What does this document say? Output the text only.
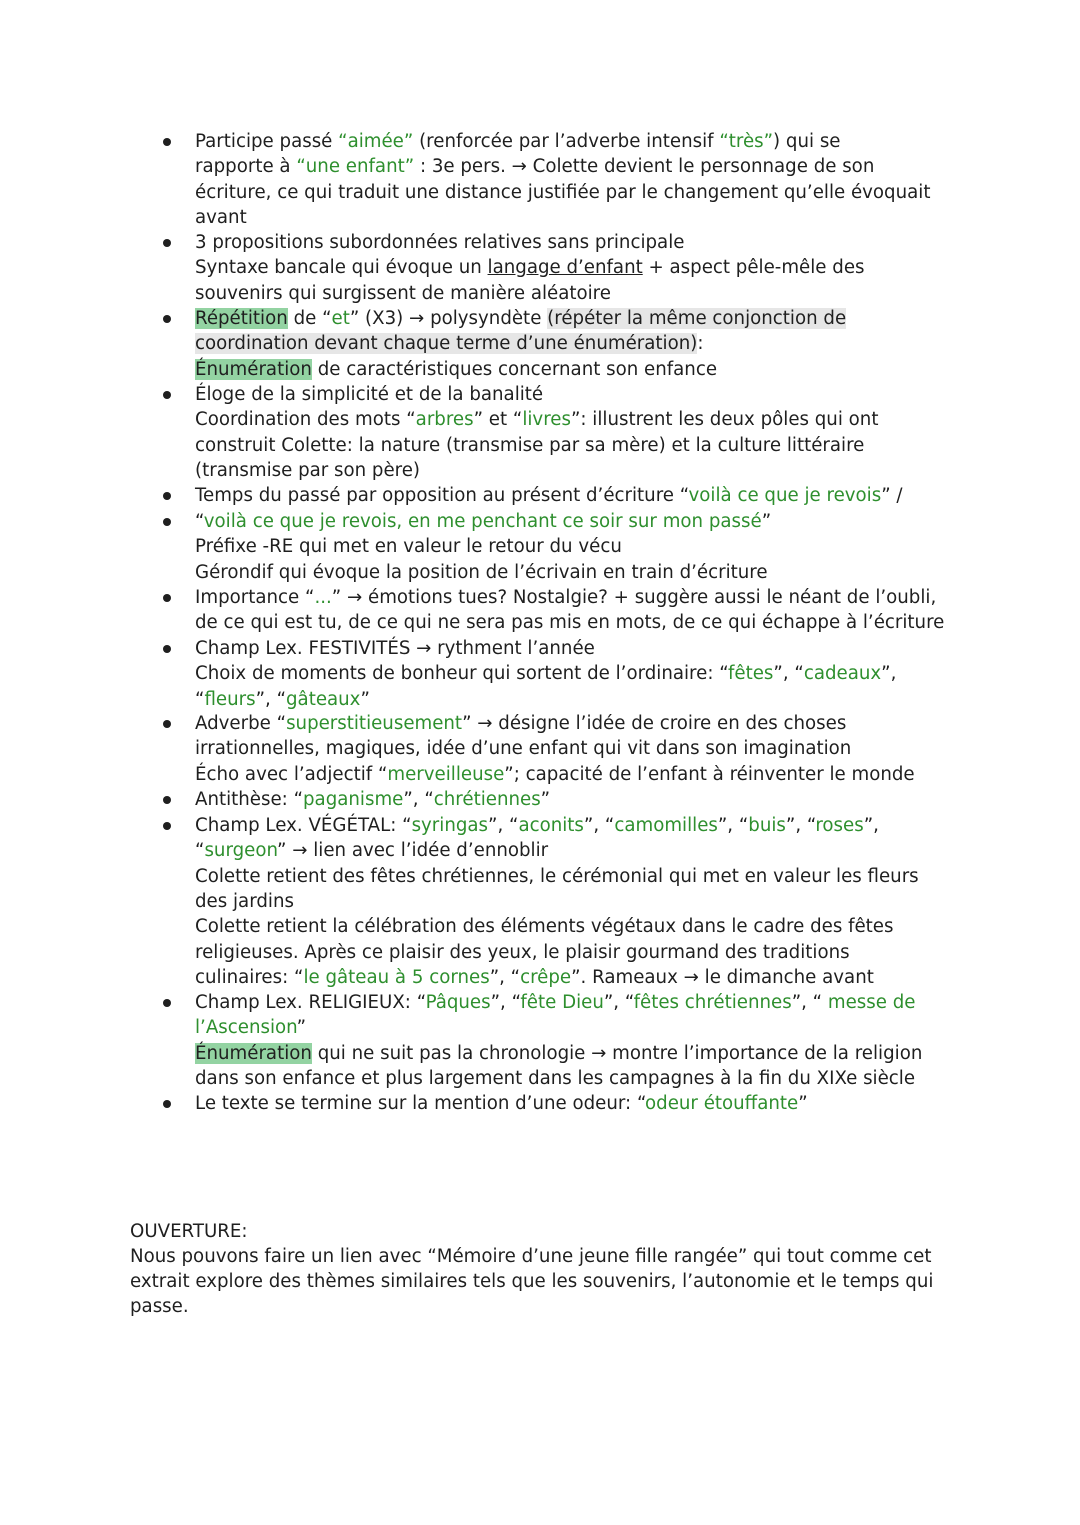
Participe passé “aimée” (renforcée par l’adverbe intensif “très”) qui se
rapporte à “une enfant” : 3e pers. → Colette devient le personnage de son
écriture, ce qui traduit une distance justifiée par le changement qu’elle évoquait
avant
3 propositions subordonnées relatives sans principale
Syntaxe bancale qui évoque un langage d’enfant + aspect pêle-mêle des
souvenirs qui surgissent de manière aléatoire
Répétition de “et” (X3) → polysyndète (répéter la même conjonction de
coordination devant chaque terme d’une énumération):
Énumération de caractéristiques concernant son enfance
Éloge de la simplicité et de la banalité
Coordination des mots “arbres” et “livres”: illustrent les deux pôles qui ont
construit Colette: la nature (transmise par sa mère) et la culture littéraire
(transmise par son père)
Temps du passé par opposition au présent d’écriture “voilà ce que je revois” /
“voilà ce que je revois, en me penchant ce soir sur mon passé”
Préfixe -RE qui met en valeur le retour du vécu
Gérondif qui évoque la position de l’écrivain en train d’écriture
Importance “...” → émotions tues? Nostalgie? + suggère aussi le néant de l’oubli,
de ce qui est tu, de ce qui ne sera pas mis en mots, de ce qui échappe à l’écriture
Champ Lex. FESTIVITÉS → rythment l’année
Choix de moments de bonheur qui sortent de l’ordinaire: “fêtes”, “cadeaux”,
“fleurs”, “gâteaux”
Adverbe “superstitieusement” → désigne l’idée de croire en des choses
irrationnelles, magiques, idée d’une enfant qui vit dans son imagination
Écho avec l’adjectif “merveilleuse”; capacité de l’enfant à réinventer le monde
Antithèse: “paganisme”, “chrétiennes”
Champ Lex. VÉGÉTAL: “syringas”, “aconits”, “camomilles”, “buis”, “roses”,
“surgeon” → lien avec l’idée d’ennoblir
Colette retient des fêtes chrétiennes, le cérémonial qui met en valeur les fleurs
des jardins
Colette retient la célébration des éléments végétaux dans le cadre des fêtes
religieuses. Après ce plaisir des yeux, le plaisir gourmand des traditions
culinaires: “le gâteau à 5 cornes”, “crêpe”. Rameaux → le dimanche avant
Champ Lex. RELIGIEUX: “Pâques”, “fête Dieu”, “fêtes chrétiennes”, “ messe de
l’Ascension”
Énumération qui ne suit pas la chronologie → montre l’importance de la religion
dans son enfance et plus largement dans les campagnes à la fin du XIXe siècle
Le texte se termine sur la mention d’une odeur: “odeur étouffante”
OUVERTURE:
Nous pouvons faire un lien avec “Mémoire d’une jeune fille rangée” qui tout comme cet
extrait explore des thèmes similaires tels que les souvenirs, l’autonomie et le temps qui
passe.
